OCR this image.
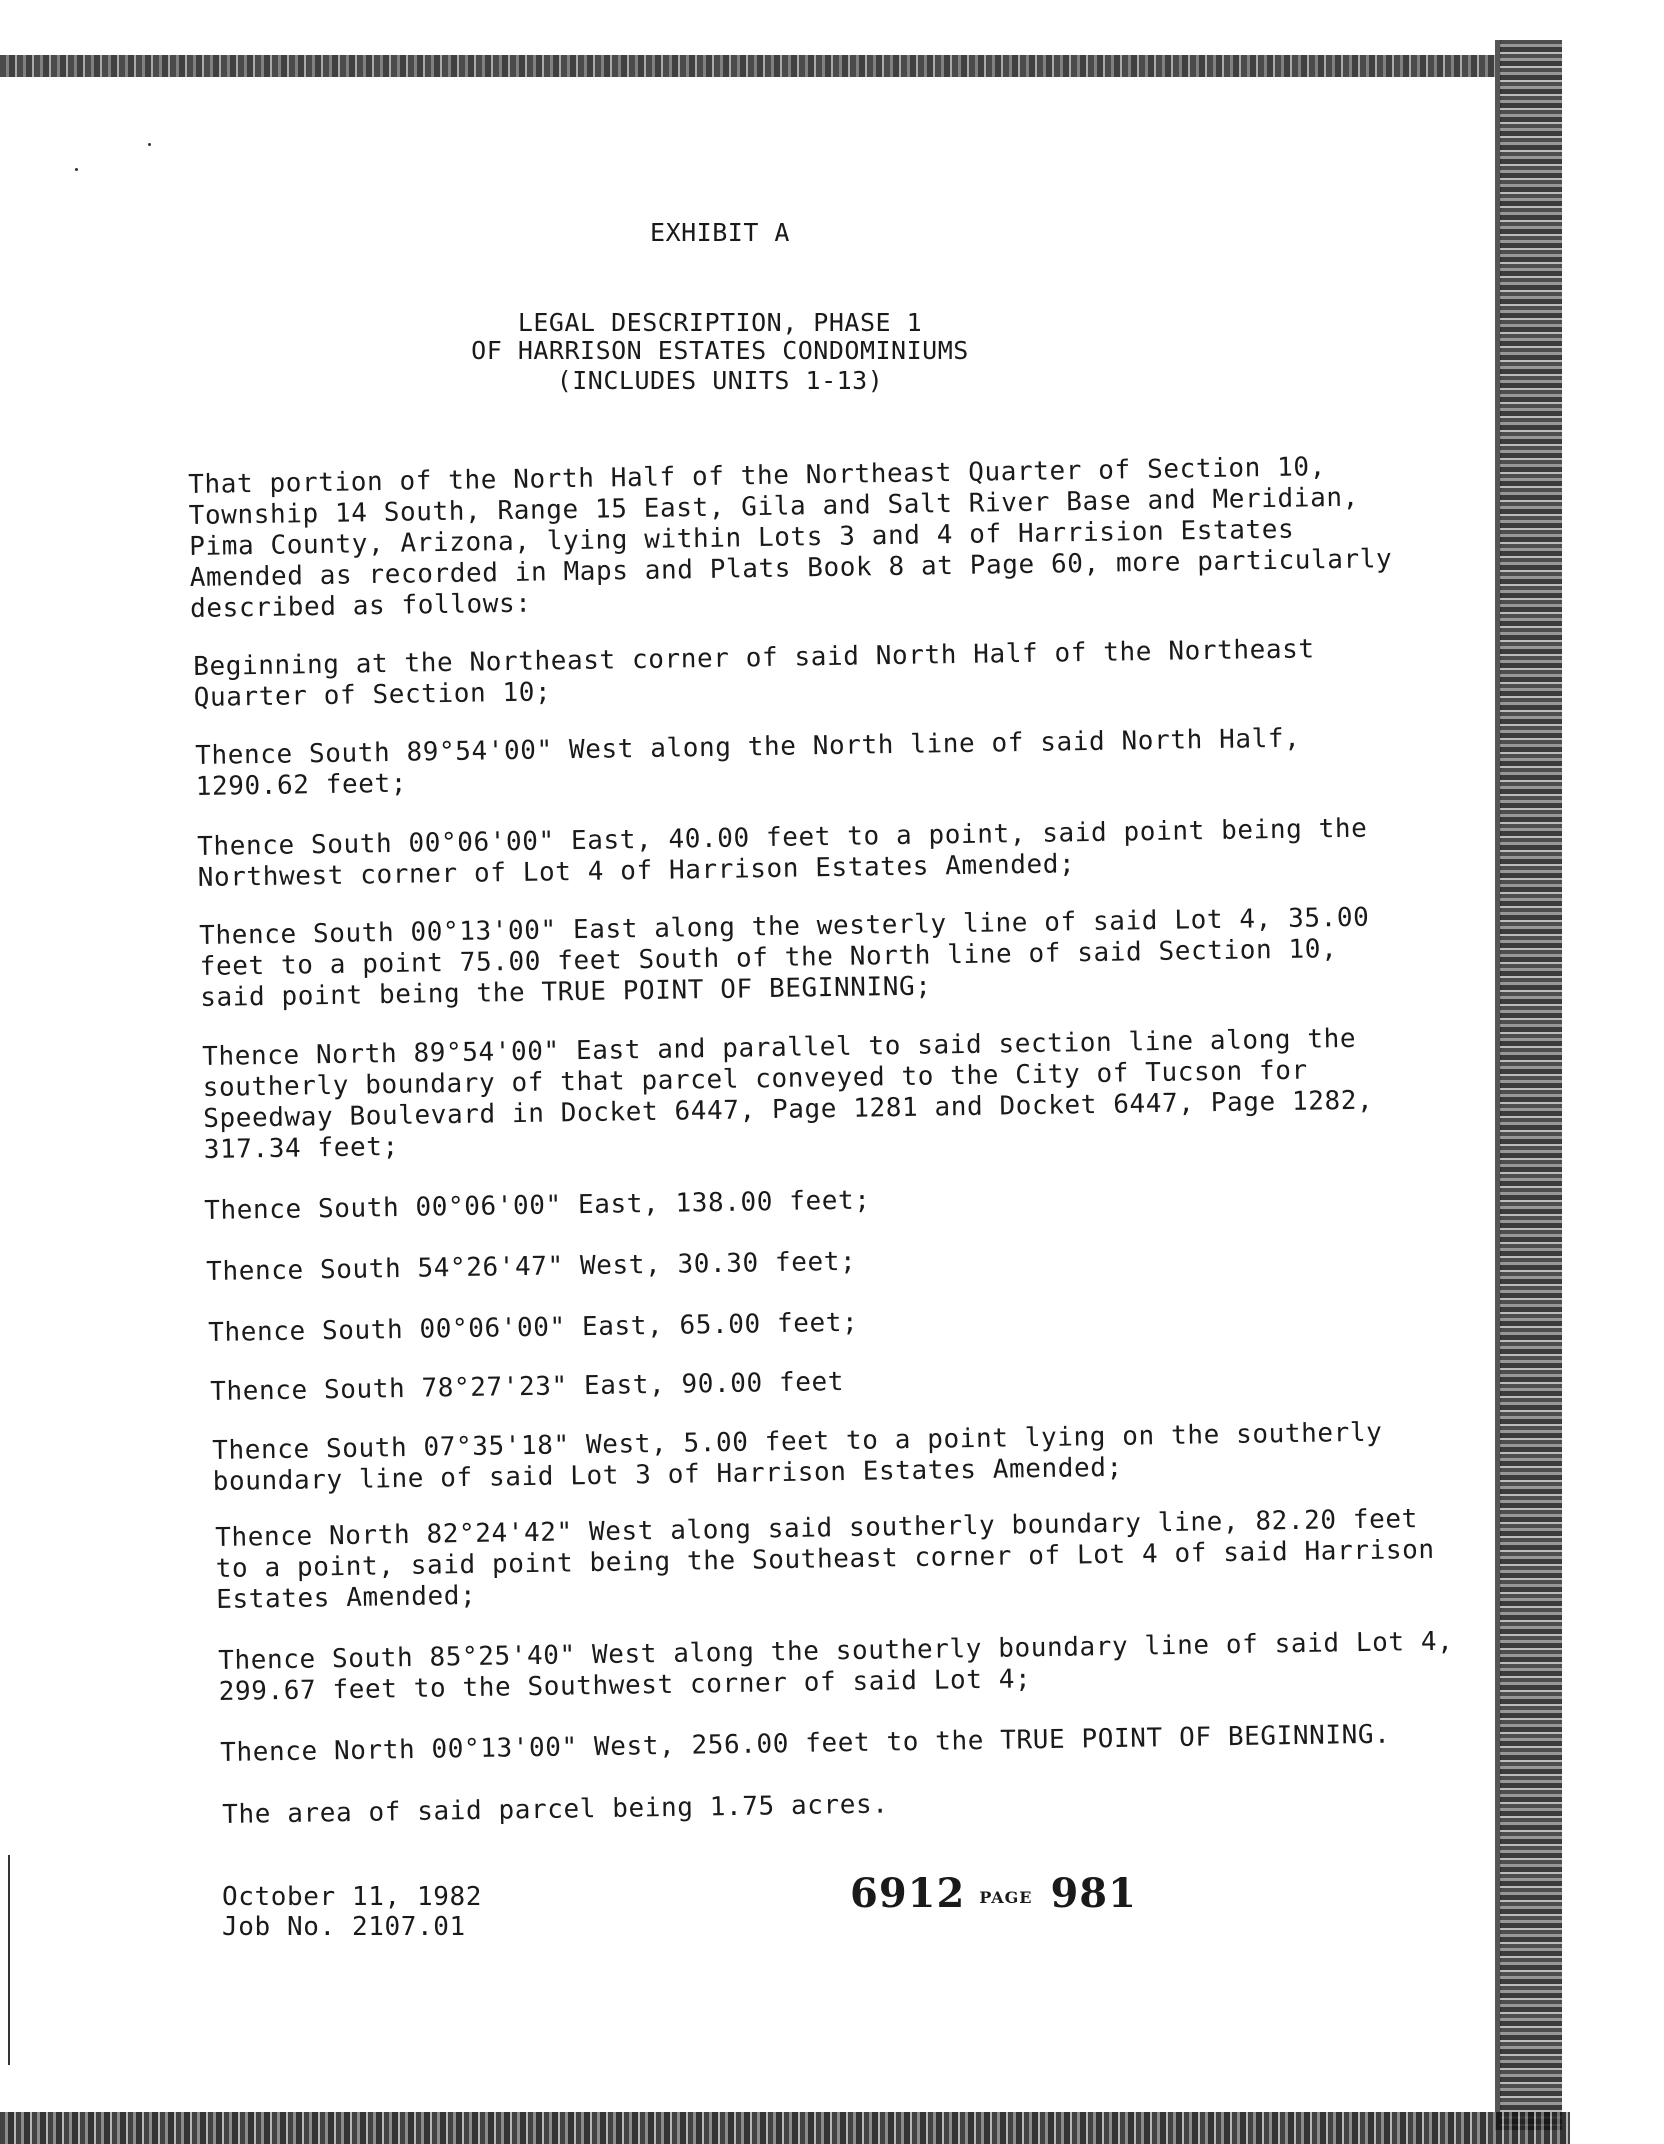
EXHIBIT A
LEGAL DESCRIPTION, PHASE 1
OF HARRISON ESTATES CONDOMINIUMS
(INCLUDES UNITS 1-13)
That portion of the North Half of the Northeast Quarter of Section 10,
Township 14 South, Range 15 East, Gila and Salt River Base and Meridian,
Pima County, Arizona, lying within Lots 3 and 4 of Harrision Estates
Amended as recorded in Maps and Plats Book 8 at Page 60, more particularly
described as follows:
Beginning at the Northeast corner of said North Half of the Northeast
Quarter of Section 10;
Thence South 89°54'00" West along the North line of said North Half,
1290.62 feet;
Thence South 00°06'00" East, 40.00 feet to a point, said point being the
Northwest corner of Lot 4 of Harrison Estates Amended;
Thence South 00°13'00" East along the westerly line of said Lot 4, 35.00
feet to a point 75.00 feet South of the North line of said Section 10,
said point being the TRUE POINT OF BEGINNING;
Thence North 89°54'00" East and parallel to said section line along the
southerly boundary of that parcel conveyed to the City of Tucson for
Speedway Boulevard in Docket 6447, Page 1281 and Docket 6447, Page 1282,
317.34 feet;
Thence South 00°06'00" East, 138.00 feet;
Thence South 54°26'47" West, 30.30 feet;
Thence South 00°06'00" East, 65.00 feet;
Thence South 78°27'23" East, 90.00 feet
Thence South 07°35'18" West, 5.00 feet to a point lying on the southerly
boundary line of said Lot 3 of Harrison Estates Amended;
Thence North 82°24'42" West along said southerly boundary line, 82.20 feet
to a point, said point being the Southeast corner of Lot 4 of said Harrison
Estates Amended;
Thence South 85°25'40" West along the southerly boundary line of said Lot 4,
299.67 feet to the Southwest corner of said Lot 4;
Thence North 00°13'00" West, 256.00 feet to the TRUE POINT OF BEGINNING.
The area of said parcel being 1.75 acres.
October 11, 1982
Job No. 2107.01
6912 PAGE 981
